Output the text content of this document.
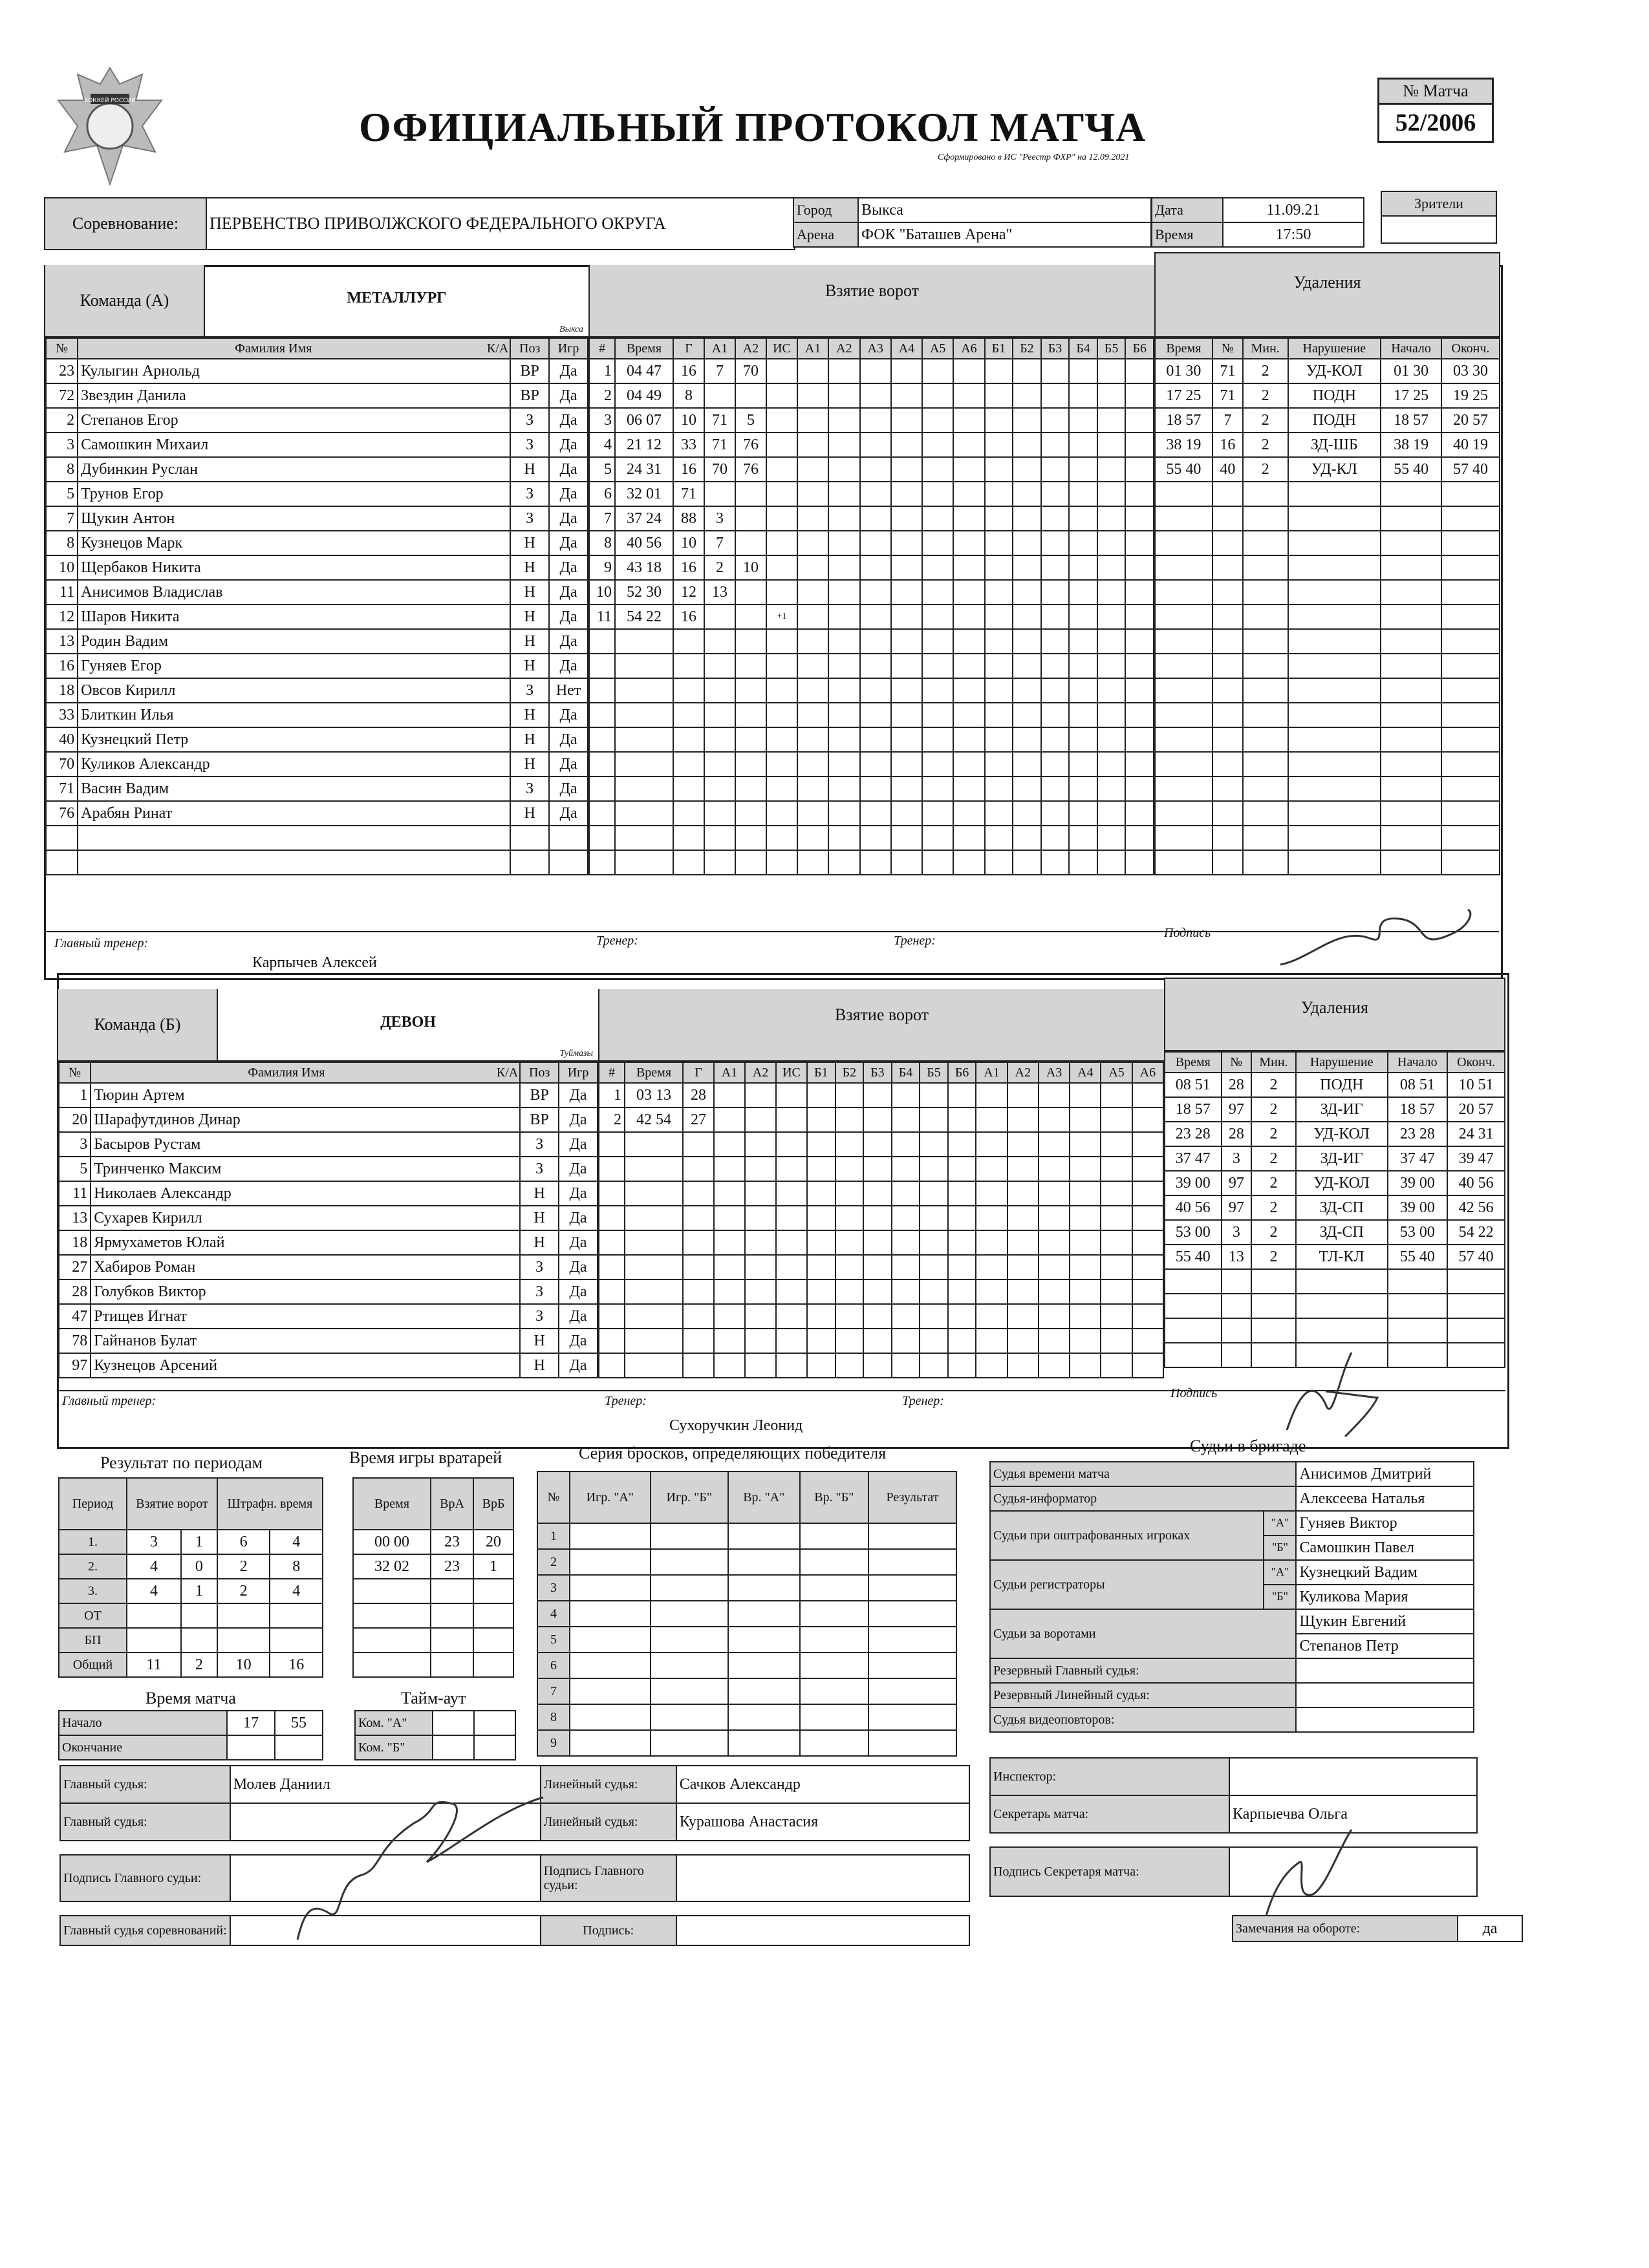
ХОККЕЙ РОССИИ
ОФИЦИАЛЬНЫЙ ПРОТОКОЛ МАТЧА
Сформировано в ИС "Реестр ФХР" на 12.09.2021
№ Матча
52/2006
Соревнование:	ПЕРВЕНСТВО ПРИВОЛЖСКОГО ФЕДЕРАЛЬНОГО ОКРУГА
Город	Выкса
Арена	ФОК "Баташев Арена"
Дата	11.09.21
Время	17:50
Зрители

Команда (А)	МЕТАЛЛУРГ
Выкса
№	Фамилия Имя К/А	Поз	Игр
23	Кулыгин Арнольд	ВР	Да
72	Звездин Данила	ВР	Да
2	Степанов Егор	З	Да
3	Самошкин Михаил	З	Да
8	Дубинкин Руслан	Н	Да
5	Трунов Егор	З	Да
7	Щукин Антон	З	Да
8	Кузнецов Марк	Н	Да
10	Щербаков Никита	Н	Да
11	Анисимов Владислав	Н	Да
12	Шаров Никита	Н	Да
13	Родин Вадим	Н	Да
16	Гуняев Егор	Н	Да
18	Овсов Кирилл	З	Нет
33	Блиткин Илья	Н	Да
40	Кузнецкий Петр	Н	Да
70	Куликов Александр	Н	Да
71	Васин Вадим	З	Да
76	Арабян Ринат	Н	Да

Взятие ворот
#	Время	Г	А1	А2	ИС	А1	А2	А3	А4	А5	А6	Б1	Б2	Б3	Б4	Б5	Б6
1	04 47	16	7	70													
2	04 49	8															
3	06 07	10	71	5													
4	21 12	33	71	76													
5	24 31	16	70	76													
6	32 01	71															
7	37 24	88	3														
8	40 56	10	7														
9	43 18	16	2	10													
10	52 30	12	13														
11	54 22	16			+1												

Удаления
Время	№	Мин.	Нарушение	Начало	Оконч.
01 30	71	2	УД-КОЛ	01 30	03 30
17 25	71	2	ПОДН	17 25	19 25
18 57	7	2	ПОДН	18 57	20 57
38 19	16	2	ЗД-ШБ	38 19	40 19
55 40	40	2	УД-КЛ	55 40	57 40

Главный тренер:
Карпычев Алексей
Тренер:	Тренер:
Подпись
Команда (Б)	ДЕВОН
Туймазы
№	Фамилия Имя К/А	Поз	Игр
1	Тюрин Артем	ВР	Да
20	Шарафутдинов Динар	ВР	Да
3	Басыров Рустам	З	Да
5	Тринченко Максим	З	Да
11	Николаев Александр	Н	Да
13	Сухарев Кирилл	Н	Да
18	Ярмухаметов Юлай	Н	Да
27	Хабиров Роман	З	Да
28	Голубков Виктор	З	Да
47	Ртищев Игнат	З	Да
78	Гайнанов Булат	Н	Да
97	Кузнецов Арсений	Н	Да
Взятие ворот
#	Время	Г	А1	А2	ИС	Б1	Б2	Б3	Б4	Б5	Б6	А1	А2	А3	А4	А5	А6
1	03 13	28															
2	42 54	27															

Удаления
Время	№	Мин.	Нарушение	Начало	Оконч.
08 51	28	2	ПОДН	08 51	10 51
18 57	97	2	ЗД-ИГ	18 57	20 57
23 28	28	2	УД-КОЛ	23 28	24 31
37 47	3	2	ЗД-ИГ	37 47	39 47
39 00	97	2	УД-КОЛ	39 00	40 56
40 56	97	2	ЗД-СП	39 00	42 56
53 00	3	2	ЗД-СП	53 00	54 22
55 40	13	2	ТЛ-КЛ	55 40	57 40

Главный тренер:	Тренер:
Сухоручкин Леонид
Тренер:
Подпись
Результат по периодам
Период	Взятие ворот		Штрафн. время	
1.	3	1	6	4
2.	4	0	2	8
3.	4	1	2	4
ОТ				
БП				
Общий	11	2	10	16
Время игры вратарей
Время	ВрА	ВрБ
00 00	23	20
32 02	23	1

Время матча
Начало	17	55
Окончание		
Тайм-аут
Ком. "А"		
Ком. "Б"		
Серия бросков, определяющих победителя
№	Игр. "А"	Игр. "Б"	Вр. "А"	Вр. "Б"	Результат
1					
2					
3					
4					
5					
6					
7					
8					
9					
Судьи в бригаде
Судья времени матча		Анисимов Дмитрий
Судья-информатор		Алексеева Наталья
Судьи при оштрафованных игроках	"А"	Гуняев Виктор
	"Б"	Самошкин Павел
Судьи регистраторы	"А"	Кузнецкий Вадим
	"Б"	Куликова Мария
Судьи за воротами		Щукин Евгений
		Степанов Петр
Резервный Главный судья:		
Резервный Линейный судья:		
Судья видеоповторов:		
Главный судья:	Молев Даниил	Линейный судья:	Сачков Александр
Главный судья:		Линейный судья:	Курашова Анастасия

Подпись Главного судьи:		Подпись Главного судьи:	

Главный судья соревнований:		Подпись:	
Инспектор:	
Секретарь матча:	Карпыечва Ольга

Подпись Секретаря матча:	
Замечания на обороте:	да
